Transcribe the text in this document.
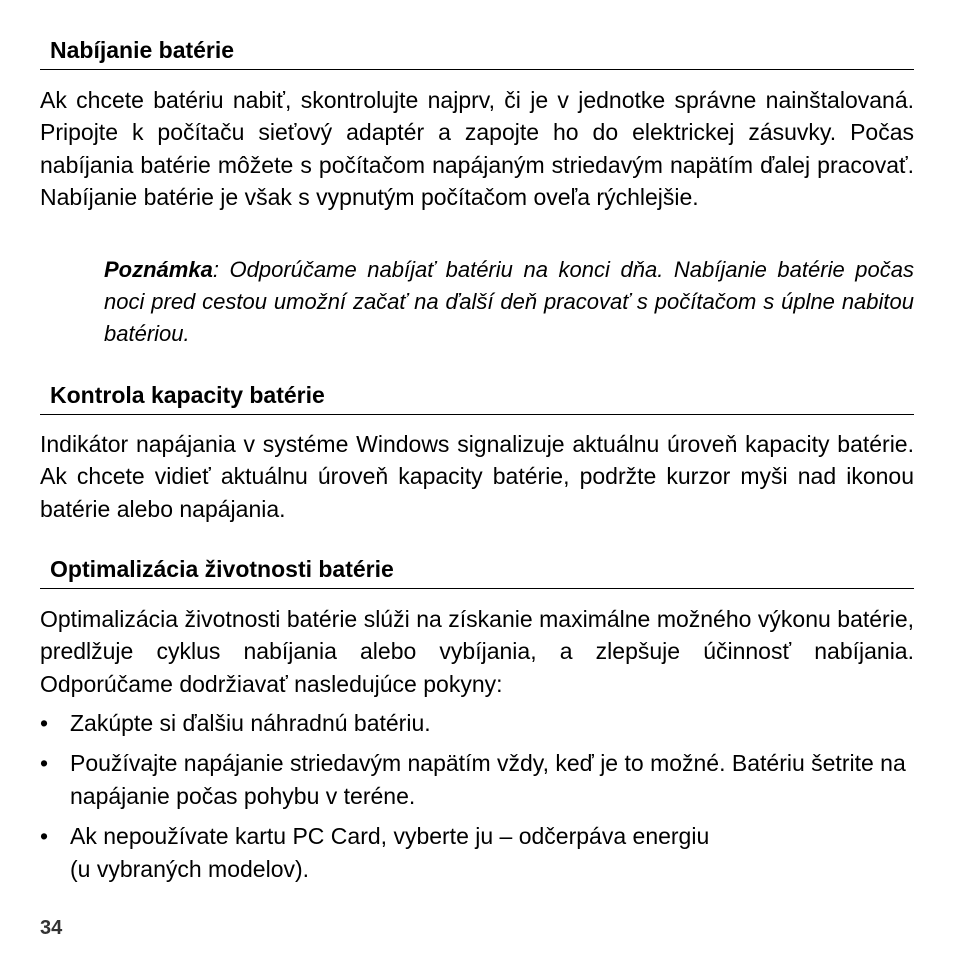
Nabíjanie batérie

Ak chcete batériu nabiť, skontrolujte najprv, či je v jednotke správne nainštalovaná. Pripojte k počítaču sieťový adaptér a zapojte ho do elektrickej zásuvky. Počas nabíjania batérie môžete s počítačom napájaným striedavým napätím ďalej pracovať. Nabíjanie batérie je však s vypnutým počítačom oveľa rýchlejšie.

Poznámka: Odporúčame nabíjať batériu na konci dňa. Nabíjanie batérie počas noci pred cestou umožní začať na ďalší deň pracovať s počítačom s úplne nabitou batériou.

Kontrola kapacity batérie

Indikátor napájania v systéme Windows signalizuje aktuálnu úroveň kapacity batérie. Ak chcete vidieť aktuálnu úroveň kapacity batérie, podržte kurzor myši nad ikonou batérie alebo napájania.

Optimalizácia životnosti batérie

Optimalizácia životnosti batérie slúži na získanie maximálne možného výkonu batérie, predlžuje cyklus nabíjania alebo vybíjania, a zlepšuje účinnosť nabíjania. Odporúčame dodržiavať nasledujúce pokyny:

• Zakúpte si ďalšiu náhradnú batériu.
• Používajte napájanie striedavým napätím vždy, keď je to možné. Batériu šetrite na napájanie počas pohybu v teréne.
• Ak nepoužívate kartu PC Card, vyberte ju – odčerpáva energiu
(u vybraných modelov).
34
